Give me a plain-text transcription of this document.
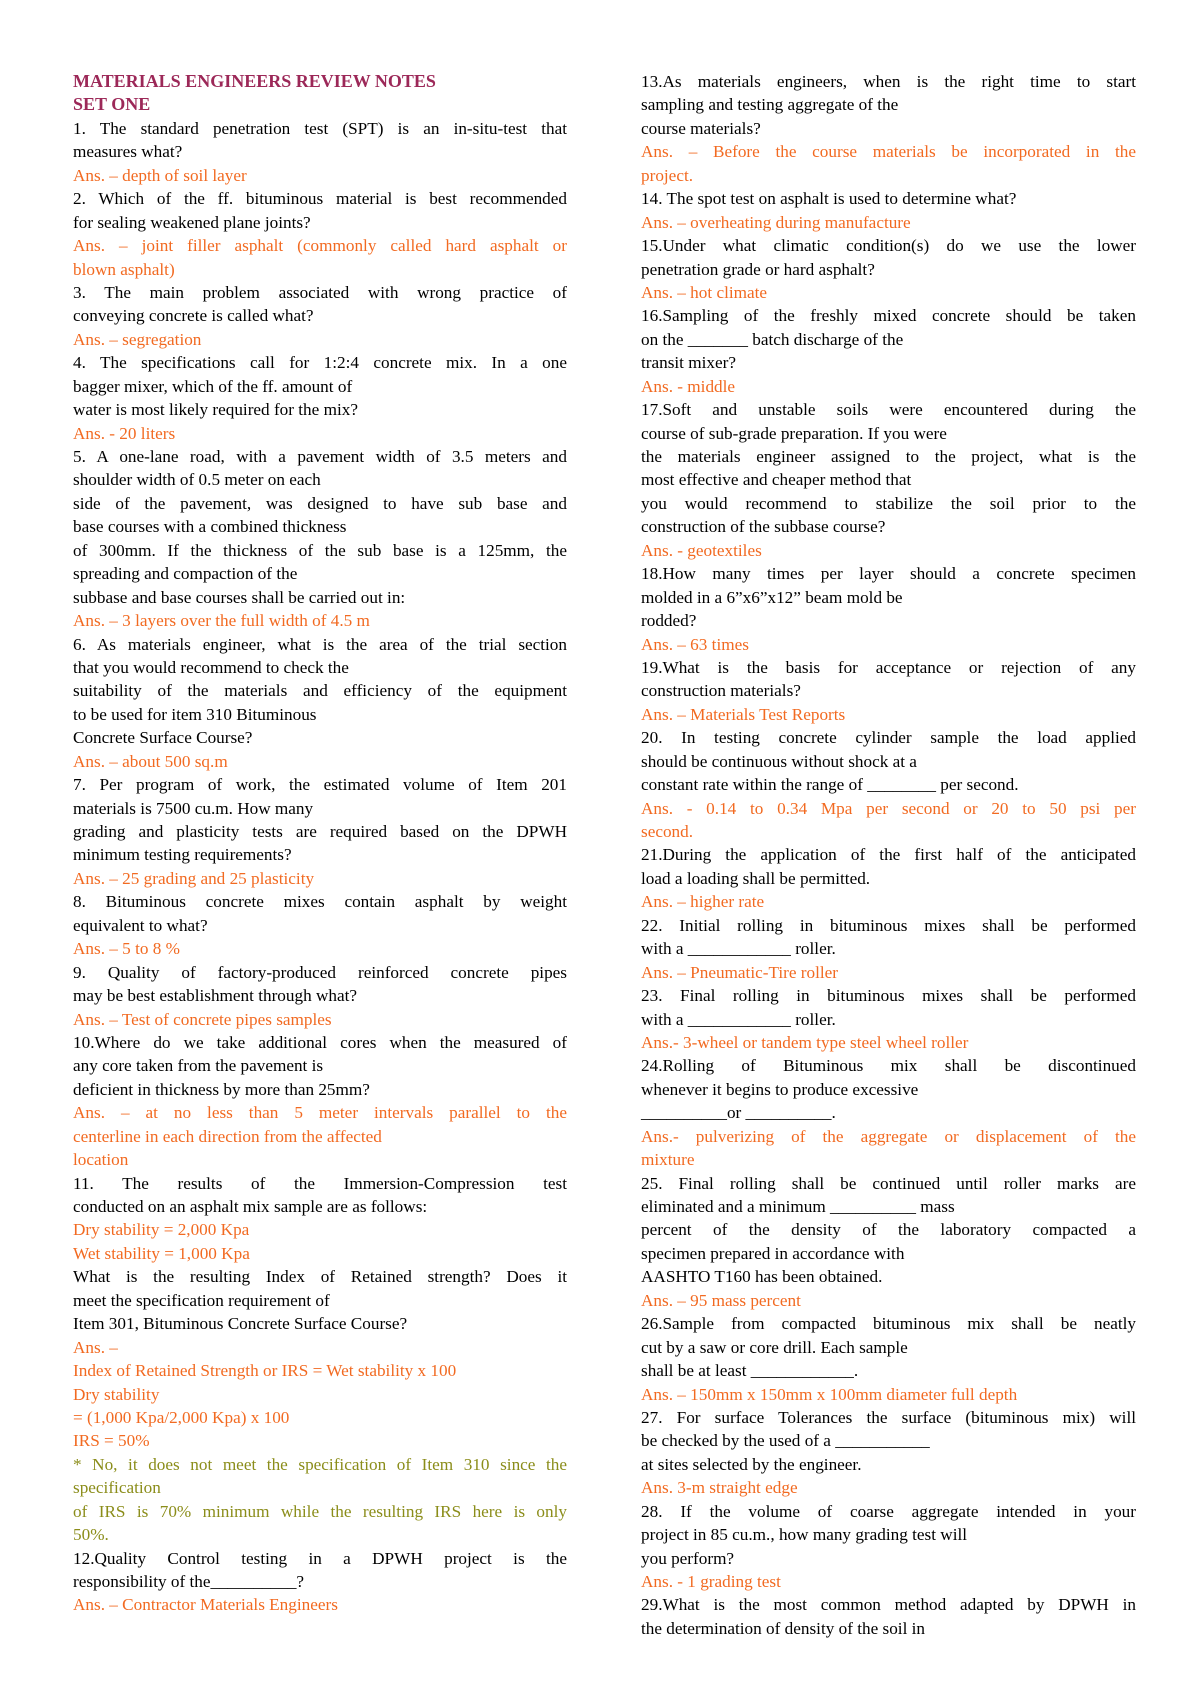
MATERIALS ENGINEERS REVIEW NOTES
SET ONE
1. The standard penetration test (SPT) is an in-situ-test that
measures what?
Ans. – depth of soil layer
2. Which of the ff. bituminous material is best recommended
for sealing weakened plane joints?
Ans. – joint filler asphalt (commonly called hard asphalt or
blown asphalt)
3. The main problem associated with wrong practice of
conveying concrete is called what?
Ans. – segregation
4. The specifications call for 1:2:4 concrete mix. In a one
bagger mixer, which of the ff. amount of
water is most likely required for the mix?
Ans. - 20 liters
5. A one-lane road, with a pavement width of 3.5 meters and
shoulder width of 0.5 meter on each
side of the pavement, was designed to have sub base and
base courses with a combined thickness
of 300mm. If the thickness of the sub base is a 125mm, the
spreading and compaction of the
subbase and base courses shall be carried out in:
Ans. – 3 layers over the full width of 4.5 m
6. As materials engineer, what is the area of the trial section
that you would recommend to check the
suitability of the materials and efficiency of the equipment
to be used for item 310 Bituminous
Concrete Surface Course?
Ans. – about 500 sq.m
7. Per program of work, the estimated volume of Item 201
materials is 7500 cu.m. How many
grading and plasticity tests are required based on the DPWH
minimum testing requirements?
Ans. – 25 grading and 25 plasticity
8. Bituminous concrete mixes contain asphalt by weight
equivalent to what?
Ans. – 5 to 8 %
9. Quality of factory-produced reinforced concrete pipes
may be best establishment through what?
Ans. – Test of concrete pipes samples
10.Where do we take additional cores when the measured of
any core taken from the pavement is
deficient in thickness by more than 25mm?
Ans. – at no less than 5 meter intervals parallel to the
centerline in each direction from the affected
location
11. The results of the Immersion-Compression test
conducted on an asphalt mix sample are as follows:
Dry stability = 2,000 Kpa
Wet stability = 1,000 Kpa
What is the resulting Index of Retained strength? Does it
meet the specification requirement of
Item 301, Bituminous Concrete Surface Course?
Ans. –
Index of Retained Strength or IRS = Wet stability x 100
Dry stability
= (1,000 Kpa/2,000 Kpa) x 100
IRS = 50%
* No, it does not meet the specification of Item 310 since the
specification
of IRS is 70% minimum while the resulting IRS here is only
50%.
12.Quality Control testing in a DPWH project is the
responsibility of the__________?
Ans. – Contractor Materials Engineers
13.As materials engineers, when is the right time to start
sampling and testing aggregate of the
course materials?
Ans. – Before the course materials be incorporated in the
project.
14. The spot test on asphalt is used to determine what?
Ans. – overheating during manufacture
15.Under what climatic condition(s) do we use the lower
penetration grade or hard asphalt?
Ans. – hot climate
16.Sampling of the freshly mixed concrete should be taken
on the _______ batch discharge of the
transit mixer?
Ans. - middle
17.Soft and unstable soils were encountered during the
course of sub-grade preparation. If you were
the materials engineer assigned to the project, what is the
most effective and cheaper method that
you would recommend to stabilize the soil prior to the
construction of the subbase course?
Ans. - geotextiles
18.How many times per layer should a concrete specimen
molded in a 6”x6”x12” beam mold be
rodded?
Ans. – 63 times
19.What is the basis for acceptance or rejection of any
construction materials?
Ans. – Materials Test Reports
20. In testing concrete cylinder sample the load applied
should be continuous without shock at a
constant rate within the range of ________ per second.
Ans. - 0.14 to 0.34 Mpa per second or 20 to 50 psi per
second.
21.During the application of the first half of the anticipated
load a loading shall be permitted.
Ans. – higher rate
22. Initial rolling in bituminous mixes shall be performed
with a ____________ roller.
Ans. – Pneumatic-Tire roller
23. Final rolling in bituminous mixes shall be performed
with a ____________ roller.
Ans.- 3-wheel or tandem type steel wheel roller
24.Rolling of Bituminous mix shall be discontinued
whenever it begins to produce excessive
__________or __________.
Ans.- pulverizing of the aggregate or displacement of the
mixture
25. Final rolling shall be continued until roller marks are
eliminated and a minimum __________ mass
percent of the density of the laboratory compacted a
specimen prepared in accordance with
AASHTO T160 has been obtained.
Ans. – 95 mass percent
26.Sample from compacted bituminous mix shall be neatly
cut by a saw or core drill. Each sample
shall be at least ____________.
Ans. – 150mm x 150mm x 100mm diameter full depth
27. For surface Tolerances the surface (bituminous mix) will
be checked by the used of a ___________
at sites selected by the engineer.
Ans. 3-m straight edge
28. If the volume of coarse aggregate intended in your
project in 85 cu.m., how many grading test will
you perform?
Ans. - 1 grading test
29.What is the most common method adapted by DPWH in
the determination of density of the soil in
